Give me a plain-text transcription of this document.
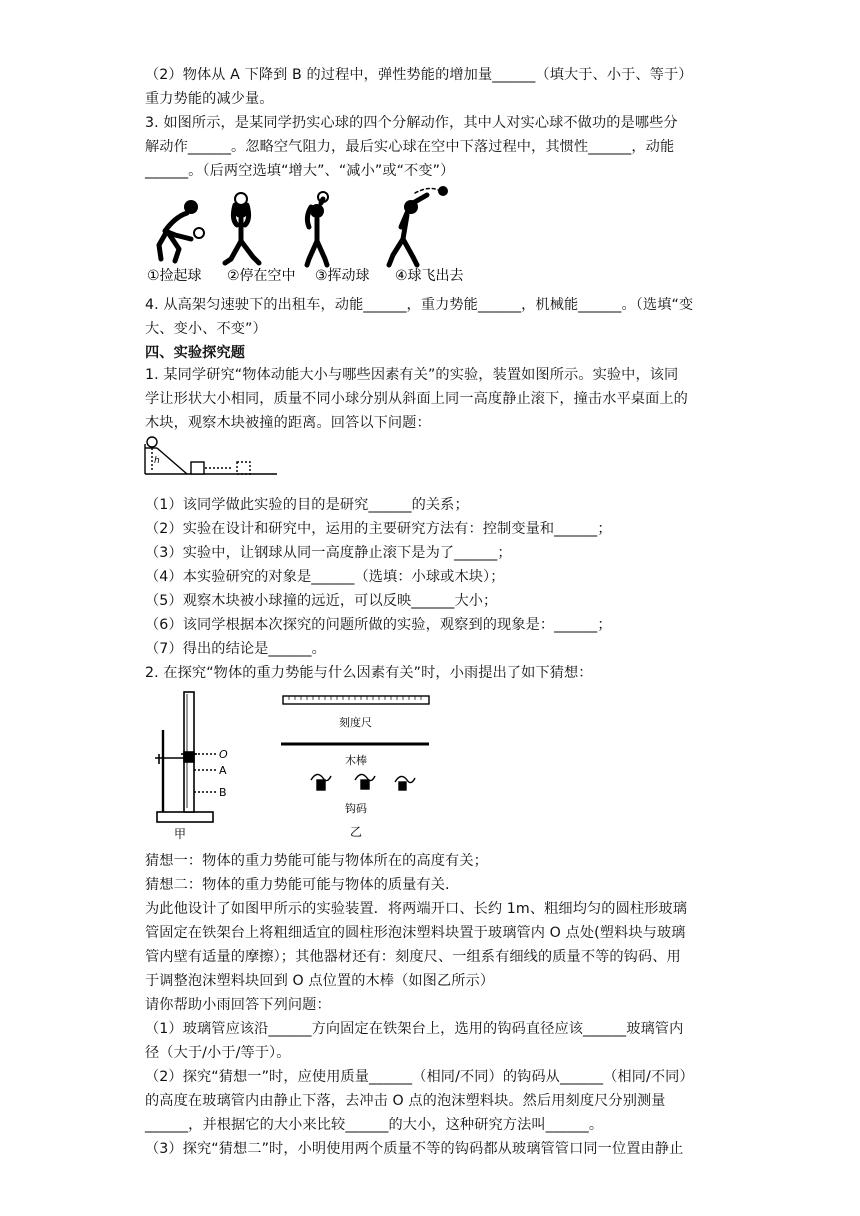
（2）物体从 A 下降到 B 的过程中，弹性势能的增加量______（填大于、小于、等于）
重力势能的减少量。
3. 如图所示，是某同学扔实心球的四个分解动作，其中人对实心球不做功的是哪些分
解动作______。忽略空气阻力，最后实心球在空中下落过程中，其惯性______，动能
______。（后两空选填“增大”、“减小”或“不变”）
①捡起球 ②停在空中 ③挥动球 ④球飞出去
4. 从高架匀速驶下的出租车，动能______，重力势能______，机械能______。（选填“变
大、变小、不变”）
四、实验探究题
1. 某同学研究“物体动能大小与哪些因素有关”的实验，装置如图所示。实验中，该同
学让形状大小相同，质量不同小球分别从斜面上同一高度静止滚下，撞击水平桌面上的
木块，观察木块被撞的距离。回答以下问题：
h
（1）该同学做此实验的目的是研究______的关系；
（2）实验在设计和研究中，运用的主要研究方法有：控制变量和______；
（3）实验中，让钢球从同一高度静止滚下是为了______；
（4）本实验研究的对象是______（选填：小球或木块）；
（5）观察木块被小球撞的远近，可以反映______大小；
（6）该同学根据本次探究的问题所做的实验，观察到的现象是：______；
（7）得出的结论是______。
2. 在探究“物体的重力势能与什么因素有关”时，小雨提出了如下猜想：
O
A
B
甲
刻度尺
木棒
钩码
乙
猜想一：物体的重力势能可能与物体所在的高度有关；
猜想二：物体的重力势能可能与物体的质量有关.
为此他设计了如图甲所示的实验装置．将两端开口、长约 1m、粗细均匀的圆柱形玻璃
管固定在铁架台上将粗细适宜的圆柱形泡沫塑料块置于玻璃管内 O 点处(塑料块与玻璃
管内壁有适量的摩擦）；其他器材还有：刻度尺、一组系有细线的质量不等的钩码、用
于调整泡沫塑料块回到 O 点位置的木棒（如图乙所示）
请你帮助小雨回答下列问题：
（1）玻璃管应该沿______方向固定在铁架台上，选用的钩码直径应该______玻璃管内
径（大于/小于/等于）。
（2）探究“猜想一”时，应使用质量______（相同/不同）的钩码从______（相同/不同）
的高度在玻璃管内由静止下落，去冲击 O 点的泡沫塑料块。然后用刻度尺分别测量
______，并根据它的大小来比较______的大小，这种研究方法叫______。
（3）探究“猜想二”时，小明使用两个质量不等的钩码都从玻璃管管口同一位置由静止
